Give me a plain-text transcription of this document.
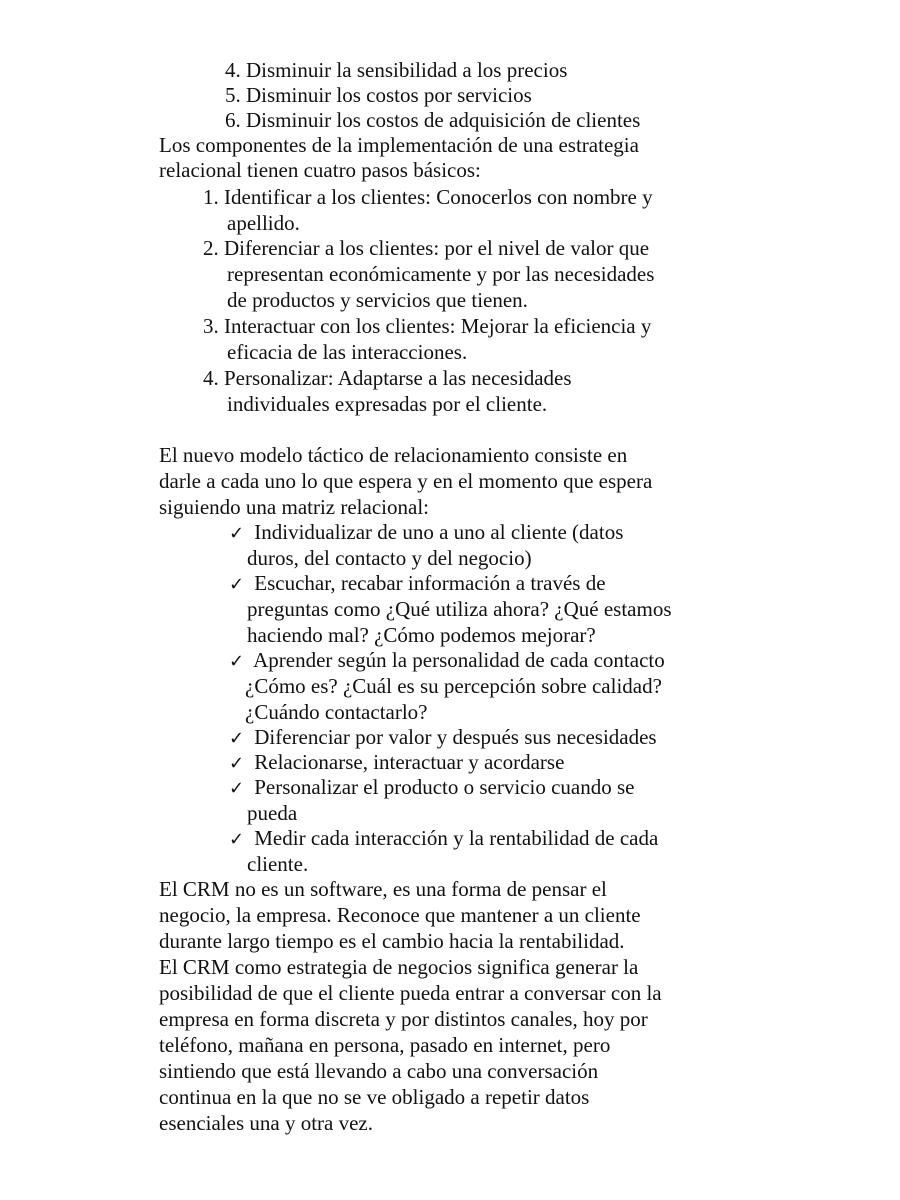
4. Disminuir la sensibilidad a los precios

5. Disminuir los costos por servicios

6. Disminuir los costos de adquisición de clientes

Los componentes de la implementación de una estrategia

relacional tienen cuatro pasos básicos:

1. Identificar a los clientes: Conocerlos con nombre y

apellido.

2. Diferenciar a los clientes: por el nivel de valor que

representan económicamente y por las necesidades

de productos y servicios que tienen.

3. Interactuar con los clientes: Mejorar la eficiencia y

eficacia de las interacciones.

4. Personalizar: Adaptarse a las necesidades

individuales expresadas por el cliente.

El nuevo modelo táctico de relacionamiento consiste en

darle a cada uno lo que espera y en el momento que espera

siguiendo una matriz relacional:

✓ Individualizar de uno a uno al cliente (datos

duros, del contacto y del negocio)

✓ Escuchar, recabar información a través de

preguntas como ¿Qué utiliza ahora? ¿Qué estamos

haciendo mal? ¿Cómo podemos mejorar?

✓ Aprender según la personalidad de cada contacto

¿Cómo es? ¿Cuál es su percepción sobre calidad?

¿Cuándo contactarlo?

✓ Diferenciar por valor y después sus necesidades

✓ Relacionarse, interactuar y acordarse

✓ Personalizar el producto o servicio cuando se

pueda

✓ Medir cada interacción y la rentabilidad de cada

cliente.

El CRM no es un software, es una forma de pensar el

negocio, la empresa. Reconoce que mantener a un cliente

durante largo tiempo es el cambio hacia la rentabilidad.

El CRM como estrategia de negocios significa generar la

posibilidad de que el cliente pueda entrar a conversar con la

empresa en forma discreta y por distintos canales, hoy por

teléfono, mañana en persona, pasado en internet, pero

sintiendo que está llevando a cabo una conversación

continua en la que no se ve obligado a repetir datos

esenciales una y otra vez.
